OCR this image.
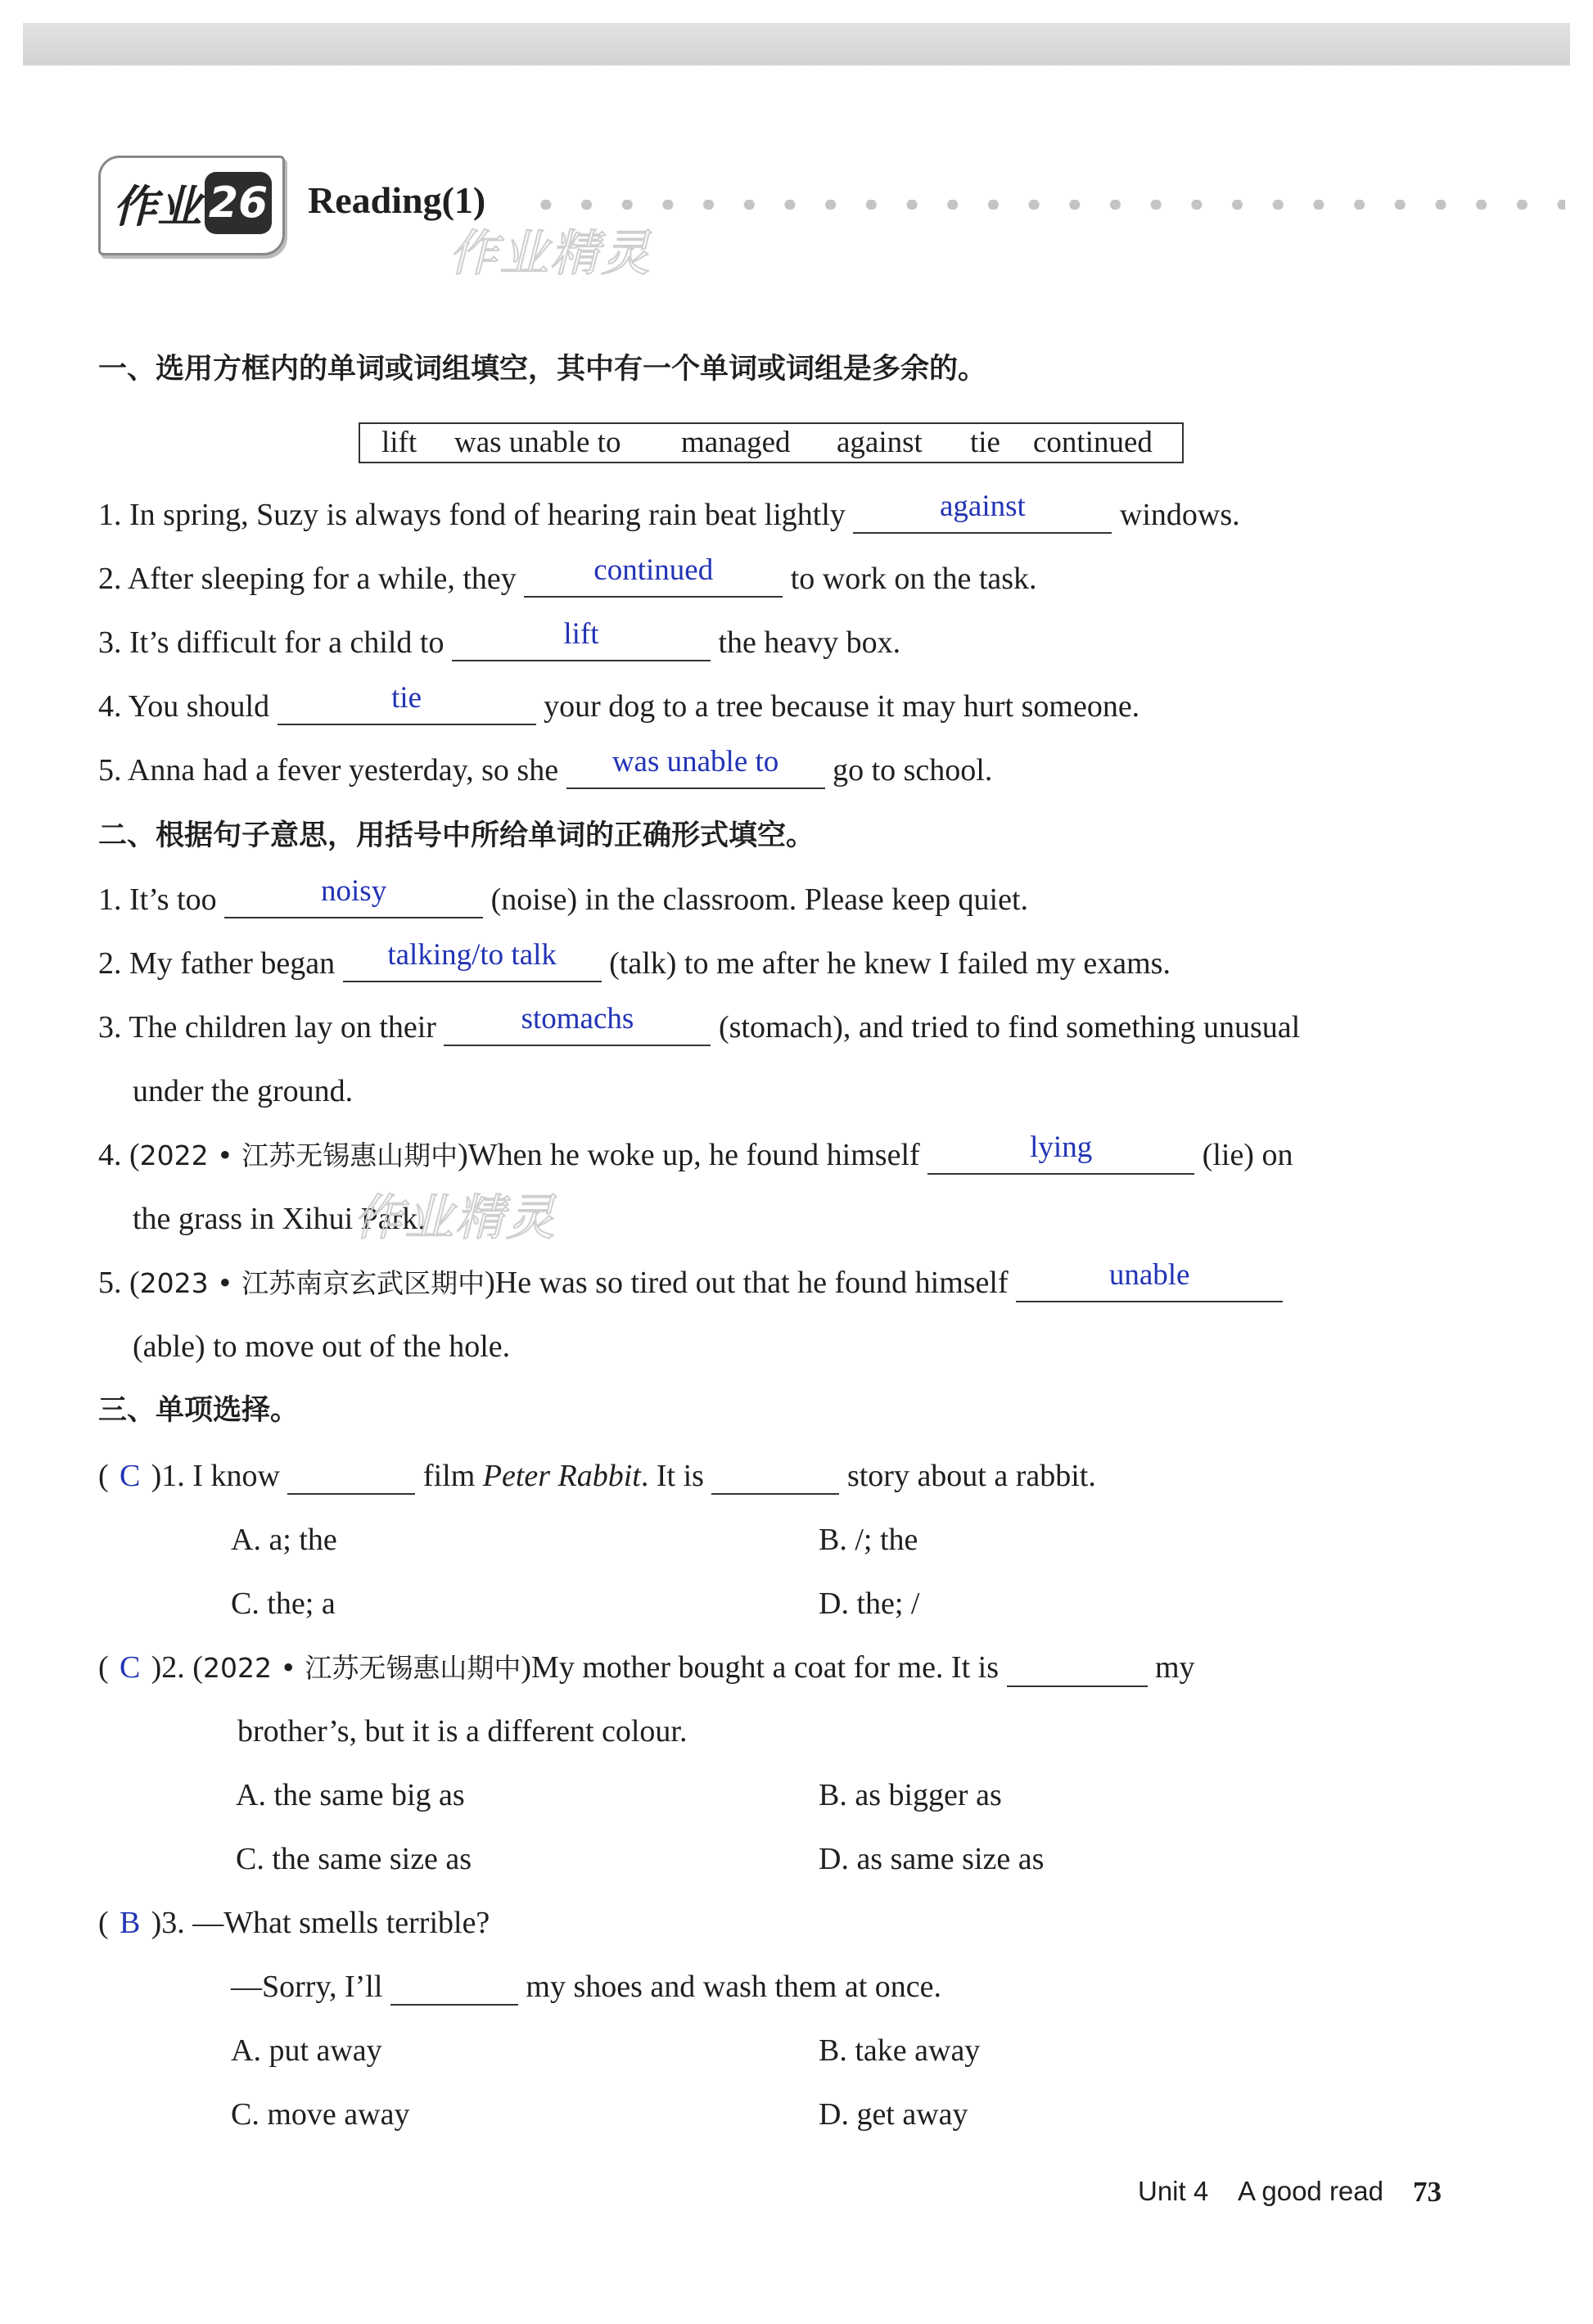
作业 26 Reading(1)
作业精灵
一、选用方框内的单词或词组填空，其中有一个单词或词组是多余的。
lift was unable to managed against tie continued
1. In spring, Suzy is always fond of hearing rain beat lightly	against	windows.
2. After sleeping for a while, they	continued	to work on the task.
3. It’s difficult for a child to	lift	the heavy box.
4. You should	tie	your dog to a tree because it may hurt someone.
5. Anna had a fever yesterday, so she	was unable to	go to school.
二、根据句子意思，用括号中所给单词的正确形式填空。
1. It’s too	noisy	(noise) in the classroom. Please keep quiet.
2. My father began	talking/to talk	(talk) to me after he knew I failed my exams.
3. The children lay on their	stomachs	(stomach), and tried to find something unusual
under the ground.
4. (2022 • 江苏无锡惠山期中)When he woke up, he found himself	lying	(lie) on
the grass in Xihui Park.
作业精灵
5. (2023 • 江苏南京玄武区期中)He was so tired out that he found himself	unable
(able) to move out of the hole.
三、单项选择。
( C )1. I know	film Peter Rabbit. It is	story about a rabbit.
A. a; the	B. /; the
C. the; a	D. the; /
( C )2. (2022 • 江苏无锡惠山期中)My mother bought a coat for me. It is	my
brother’s, but it is a different colour.
A. the same big as	B. as bigger as
C. the same size as	D. as same size as
( B )3. —What smells terrible?
—Sorry, I’ll	my shoes and wash them at once.
A. put away	B. take away
C. move away	D. get away
Unit 4 A good read 73
